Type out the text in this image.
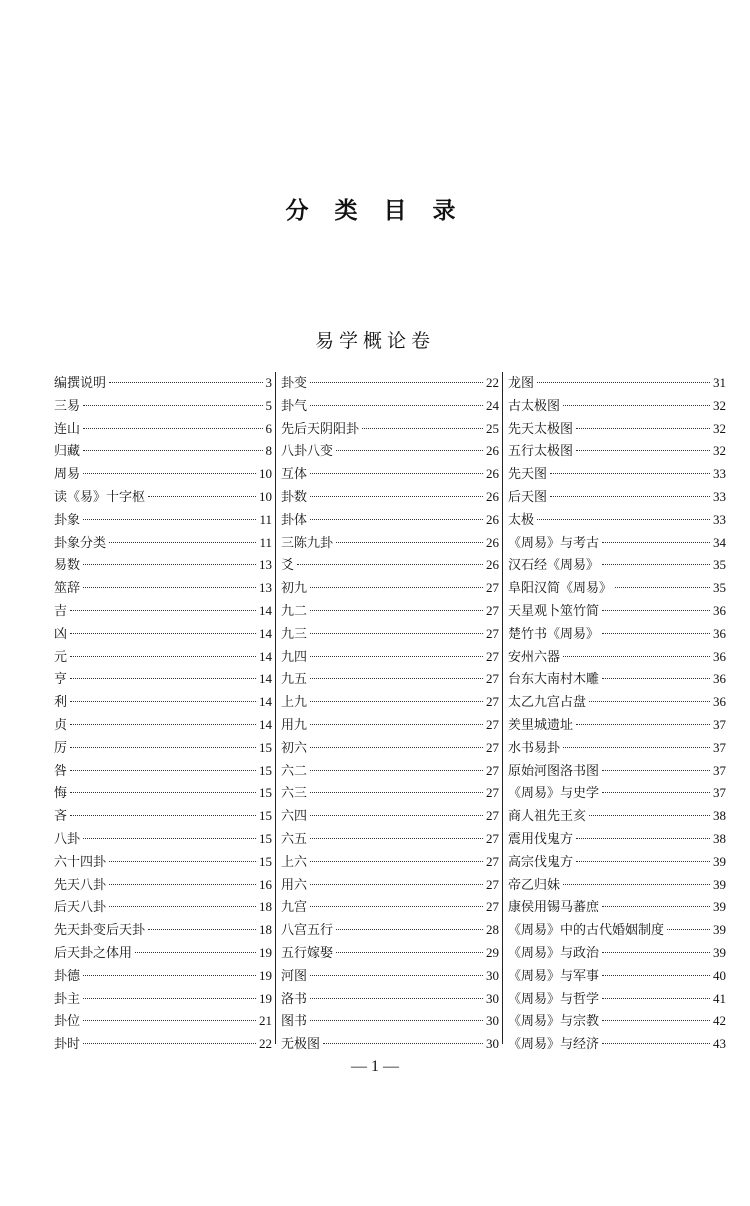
分 类 目 录
易学概论卷
编撰说明	3
三易	5
连山	6
归藏	8
周易	10
读《易》十字枢	10
卦象	11
卦象分类	11
易数	13
筮辞	13
吉	14
凶	14
元	14
亨	14
利	14
贞	14
厉	15
咎	15
悔	15
吝	15
八卦	15
六十四卦	15
先天八卦	16
后天八卦	18
先天卦变后天卦	18
后天卦之体用	19
卦德	19
卦主	19
卦位	21
卦时	22
卦变	22
卦气	24
先后天阴阳卦	25
八卦八变	26
互体	26
卦数	26
卦体	26
三陈九卦	26
爻	26
初九	27
九二	27
九三	27
九四	27
九五	27
上九	27
用九	27
初六	27
六二	27
六三	27
六四	27
六五	27
上六	27
用六	27
九宫	27
八宫五行	28
五行嫁娶	29
河图	30
洛书	30
图书	30
无极图	30
龙图	31
古太极图	32
先天太极图	32
五行太极图	32
先天图	33
后天图	33
太极	33
《周易》与考古	34
汉石经《周易》	35
阜阳汉简《周易》	35
天星观卜筮竹简	36
楚竹书《周易》	36
安州六器	36
台东大南村木雕	36
太乙九宫占盘	36
羑里城遗址	37
水书易卦	37
原始河图洛书图	37
《周易》与史学	37
商人祖先王亥	38
震用伐鬼方	38
高宗伐鬼方	39
帝乙归妹	39
康侯用锡马蕃庶	39
《周易》中的古代婚姻制度	39
《周易》与政治	39
《周易》与军事	40
《周易》与哲学	41
《周易》与宗教	42
《周易》与经济	43
— 1 —
